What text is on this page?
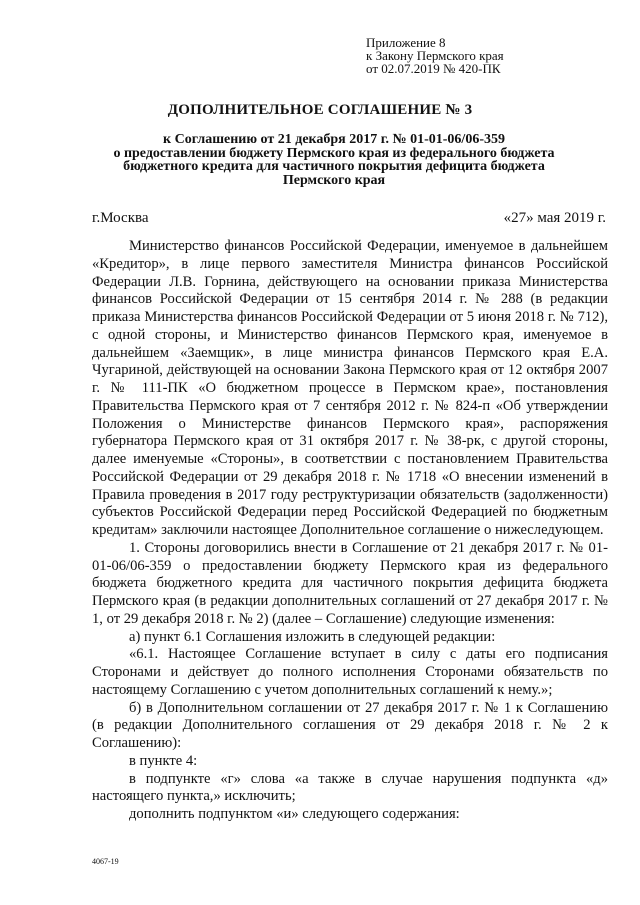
Приложение 8
к Закону Пермского края
от 02.07.2019 № 420-ПК
ДОПОЛНИТЕЛЬНОЕ СОГЛАШЕНИЕ № 3
к Соглашению от 21 декабря 2017 г. № 01-01-06/06-359
о предоставлении бюджету Пермского края из федерального бюджета
бюджетного кредита для частичного покрытия дефицита бюджета
Пермского края
г.Москва	«27» мая 2019 г.

Министерство финансов Российской Федерации, именуемое в дальнейшем «Кредитор», в лице первого заместителя Министра финансов Российской Федерации Л.В. Горнина, действующего на основании приказа Министерства финансов Российской Федерации от 15 сентября 2014 г. № 288 (в редакции приказа Министерства финансов Российской Федерации от 5 июня 2018 г. № 712), с одной стороны, и Министерство финансов Пермского края, именуемое в дальнейшем «Заемщик», в лице министра финансов Пермского края Е.А. Чугариной, действующей на основании Закона Пермского края от 12 октября 2007 г. № 111-ПК «О бюджетном процессе в Пермском крае», постановления Правительства Пермского края от 7 сентября 2012 г. № 824-п «Об утверждении Положения о Министерстве финансов Пермского края», распоряжения губернатора Пермского края от 31 октября 2017 г. № 38-рк, с другой стороны, далее именуемые «Стороны», в соответствии с постановлением Правительства Российской Федерации от 29 декабря 2018 г. № 1718 «О внесении изменений в Правила проведения в 2017 году реструктуризации обязательств (задолженности) субъектов Российской Федерации перед Российской Федерацией по бюджетным кредитам» заключили настоящее Дополнительное соглашение о нижеследующем.

1. Стороны договорились внести в Соглашение от 21 декабря 2017 г. № 01-01-06/06-359 о предоставлении бюджету Пермского края из федерального бюджета бюджетного кредита для частичного покрытия дефицита бюджета Пермского края (в редакции дополнительных соглашений от 27 декабря 2017 г. № 1, от 29 декабря 2018 г. № 2) (далее – Соглашение) следующие изменения:

а) пункт 6.1 Соглашения изложить в следующей редакции:

«6.1. Настоящее Соглашение вступает в силу с даты его подписания Сторонами и действует до полного исполнения Сторонами обязательств по настоящему Соглашению с учетом дополнительных соглашений к нему.»;

б) в Дополнительном соглашении от 27 декабря 2017 г. № 1 к Соглашению (в редакции Дополнительного соглашения от 29 декабря 2018 г. № 2 к Соглашению):

в пункте 4:

в подпункте «г» слова «а также в случае нарушения подпункта «д» настоящего пункта,» исключить;

дополнить подпунктом «и» следующего содержания:

4067-19
